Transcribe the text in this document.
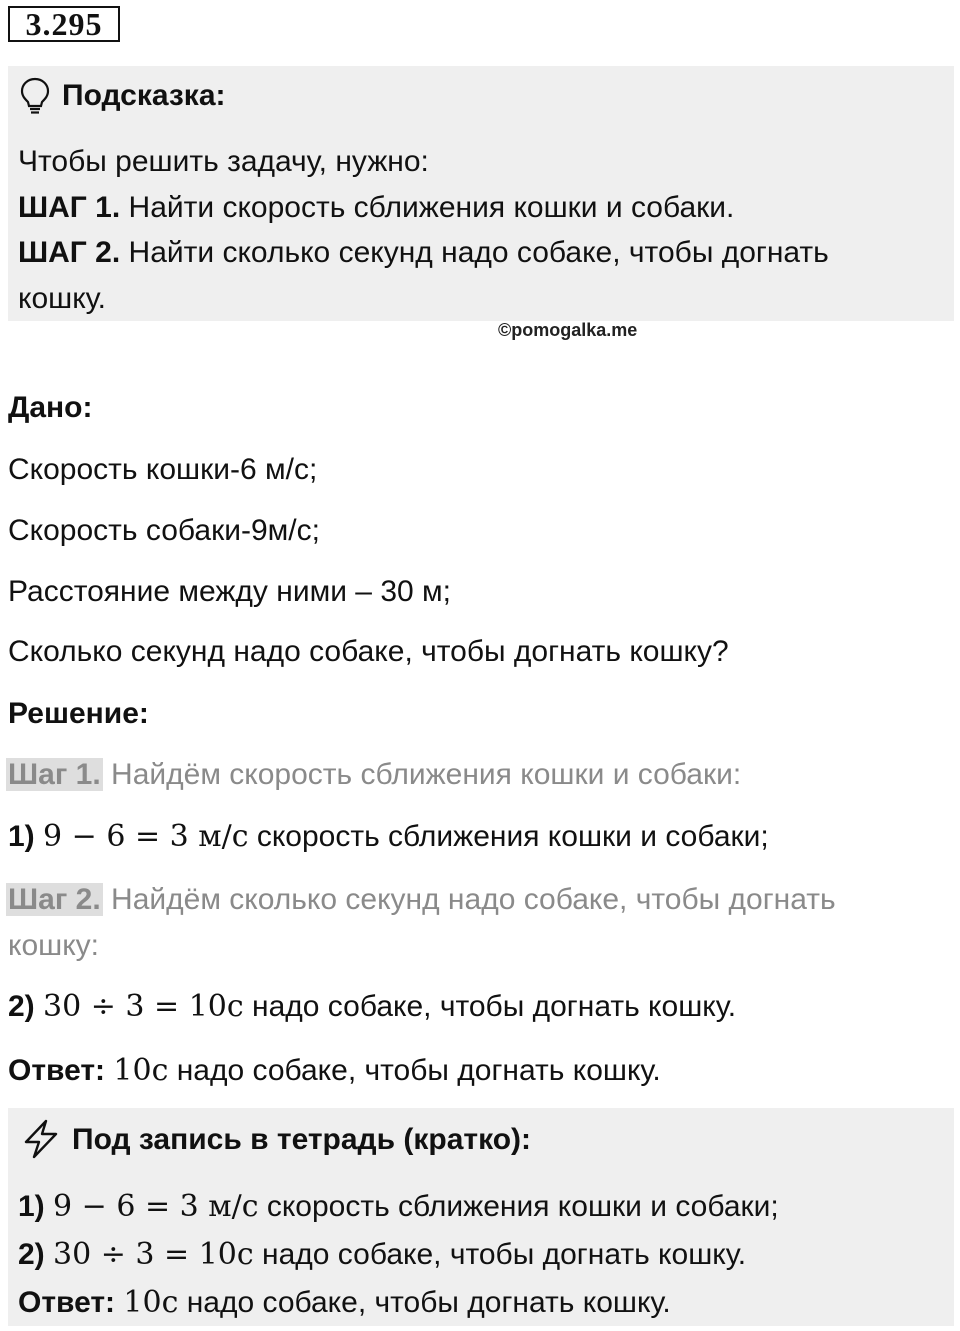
3.295
Подсказка:
Чтобы решить задачу, нужно:
ШАГ 1. Найти скорость сближения кошки и собаки.
ШАГ 2. Найти сколько секунд надо собаке, чтобы догнать
кошку.
©pomogalka.me
Дано:
Скорость кошки-6 м/с;
Скорость собаки-9м/с;
Расстояние между ними – 30 м;
Сколько секунд надо собаке, чтобы догнать кошку?
Решение:
Шаг 1. Найдём скорость сближения кошки и собаки:
1) 9 − 6 = 3 м/с скорость сближения кошки и собаки;
Шаг 2. Найдём сколько секунд надо собаке, чтобы догнать
кошку:
2) 30 ÷ 3 = 10с надо собаке, чтобы догнать кошку.
Ответ: 10с надо собаке, чтобы догнать кошку.
Под запись в тетрадь (кратко):
1) 9 − 6 = 3 м/с скорость сближения кошки и собаки;
2) 30 ÷ 3 = 10с надо собаке, чтобы догнать кошку.
Ответ: 10с надо собаке, чтобы догнать кошку.
